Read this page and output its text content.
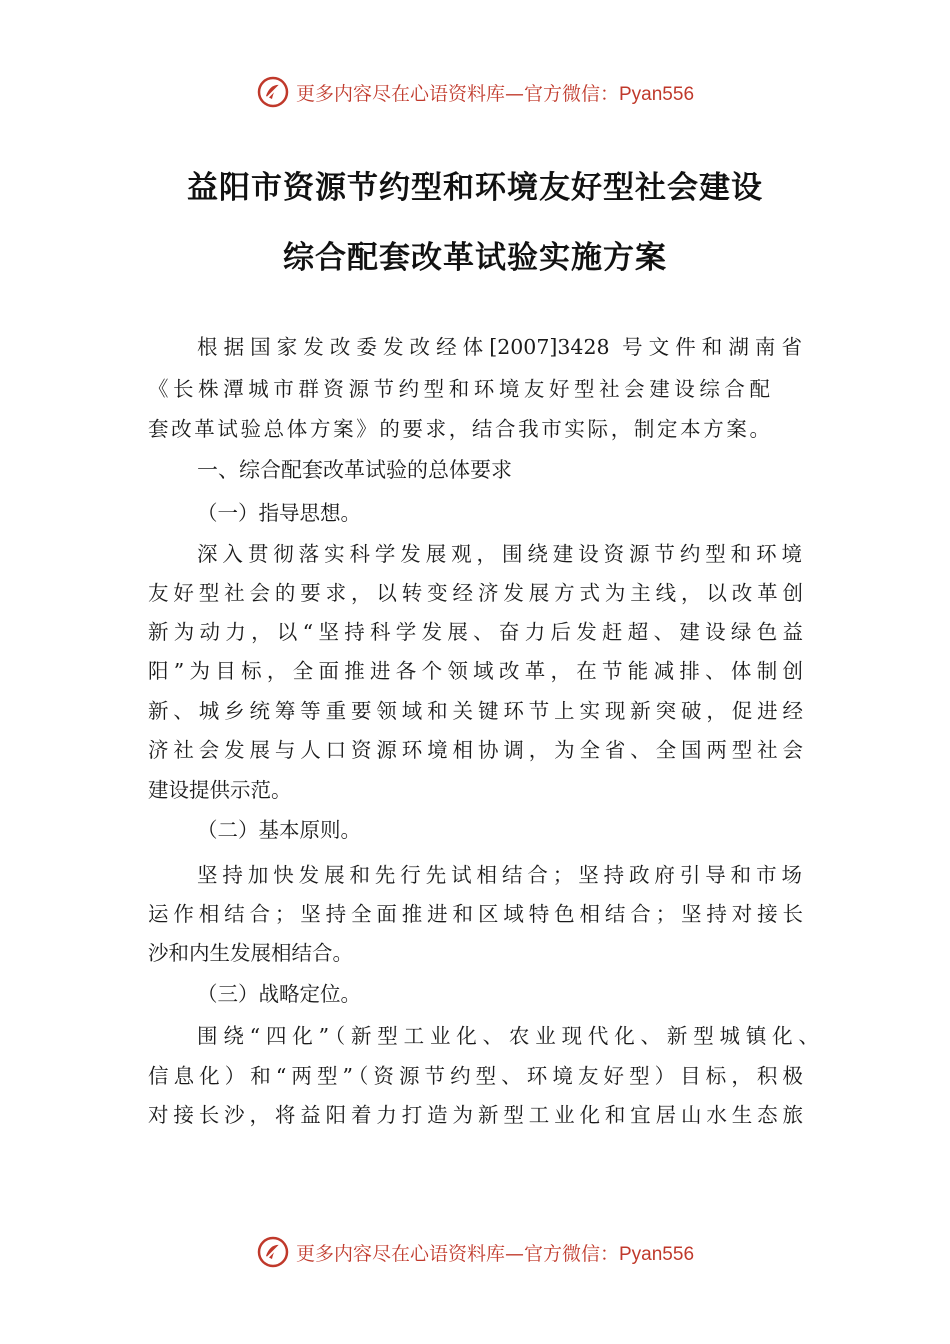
更多内容尽在心语资料库—官方微信：Pyan556
益阳市资源节约型和环境友好型社会建设
综合配套改革试验实施方案
根据国家发改委发改经体[2007]3428 号文件和湖南省
《长株潭城市群资源节约型和环境友好型社会建设综合配
套改革试验总体方案》的要求，结合我市实际，制定本方案。
一、综合配套改革试验的总体要求
（一）指导思想。
深入贯彻落实科学发展观，围绕建设资源节约型和环境
友好型社会的要求，以转变经济发展方式为主线，以改革创
新为动力，以“坚持科学发展、奋力后发赶超、建设绿色益
阳”为目标，全面推进各个领域改革，在节能减排、体制创
新、城乡统筹等重要领域和关键环节上实现新突破，促进经
济社会发展与人口资源环境相协调，为全省、全国两型社会
建设提供示范。
（二）基本原则。
坚持加快发展和先行先试相结合；坚持政府引导和市场
运作相结合；坚持全面推进和区域特色相结合；坚持对接长
沙和内生发展相结合。
（三）战略定位。
围绕“四化”（新型工业化、农业现代化、新型城镇化、
信息化）和“两型”（资源节约型、环境友好型）目标，积极
对接长沙，将益阳着力打造为新型工业化和宜居山水生态旅
更多内容尽在心语资料库—官方微信：Pyan556
